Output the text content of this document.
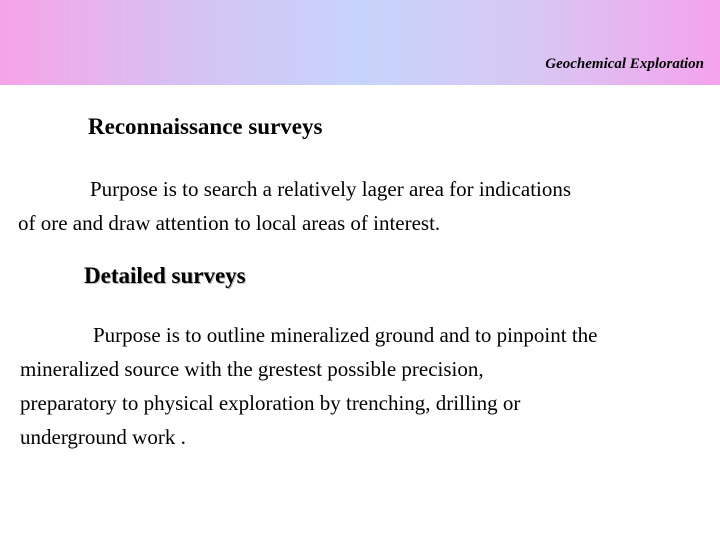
Geochemical Exploration
Reconnaissance surveys
Purpose is to search a relatively lager area for indications
of ore and draw attention to local areas of interest.
Detailed surveys
Purpose is to outline mineralized ground and to pinpoint the
mineralized source with the grestest possible precision,
preparatory to physical exploration by trenching, drilling or
underground work .
